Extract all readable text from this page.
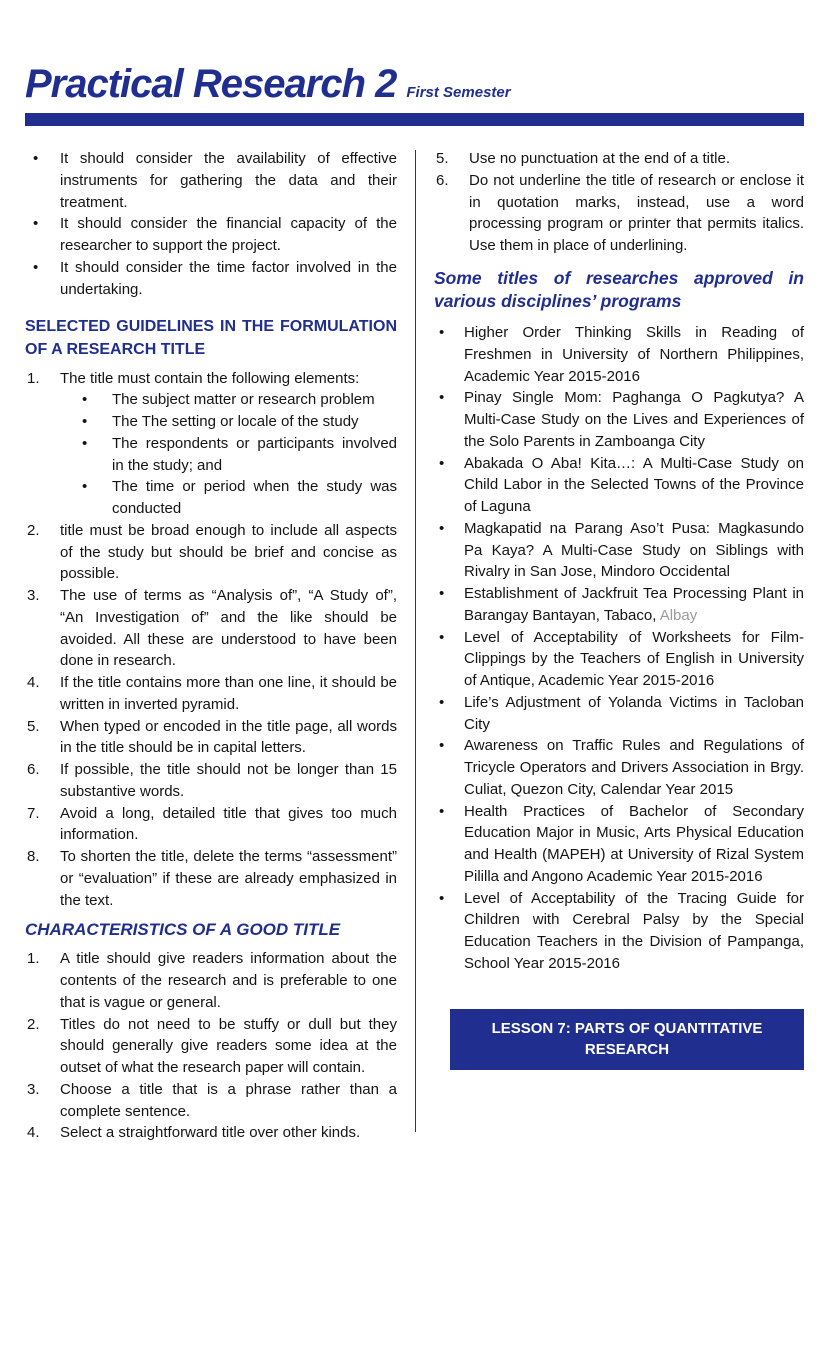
Practical Research 2 First Semester
•	It should consider the availability of effective instruments for gathering the data and their treatment.
•	It should consider the financial capacity of the researcher to support the project.
•	It should consider the time factor involved in the undertaking.
SELECTED GUIDELINES IN THE FORMULATION OF A RESEARCH TITLE
1.	The title must contain the following elements:
•	The subject matter or research problem
•	The The setting or locale of the study
•	The respondents or participants involved in the study; and
•	The time or period when the study was conducted
2.	title must be broad enough to include all aspects of the study but should be brief and concise as possible.
3.	The use of terms as “Analysis of”, “A Study of”, “An Investigation of” and the like should be avoided. All these are understood to have been done in research.
4.	If the title contains more than one line, it should be written in inverted pyramid.
5.	When typed or encoded in the title page, all words in the title should be in capital letters.
6.	If possible, the title should not be longer than 15 substantive words.
7.	Avoid a long, detailed title that gives too much information.
8.	To shorten the title, delete the terms “assessment” or “evaluation” if these are already emphasized in the text.
CHARACTERISTICS OF A GOOD TITLE
1.	A title should give readers information about the contents of the research and is preferable to one that is vague or general.
2.	Titles do not need to be stuffy or dull but they should generally give readers some idea at the outset of what the research paper will contain.
3.	Choose a title that is a phrase rather than a complete sentence.
4.	Select a straightforward title over other kinds.
5.	Use no punctuation at the end of a title.
6.	Do not underline the title of research or enclose it in quotation marks, instead, use a word processing program or printer that permits italics. Use them in place of underlining.
Some titles of researches approved in various disciplines’ programs
•	Higher Order Thinking Skills in Reading of Freshmen in University of Northern Philippines, Academic Year 2015-2016
•	Pinay Single Mom: Paghanga O Pagkutya? A Multi-Case Study on the Lives and Experiences of the Solo Parents in Zamboanga City
•	Abakada O Aba! Kita…: A Multi-Case Study on Child Labor in the Selected Towns of the Province of Laguna
•	Magkapatid na Parang Aso’t Pusa: Magkasundo Pa Kaya? A Multi-Case Study on Siblings with Rivalry in San Jose, Mindoro Occidental
•	Establishment of Jackfruit Tea Processing Plant in Barangay Bantayan, Tabaco, Albay
•	Level of Acceptability of Worksheets for Film-Clippings by the Teachers of English in University of Antique, Academic Year 2015-2016
•	Life’s Adjustment of Yolanda Victims in Tacloban City
•	Awareness on Traffic Rules and Regulations of Tricycle Operators and Drivers Association in Brgy. Culiat, Quezon City, Calendar Year 2015
•	Health Practices of Bachelor of Secondary Education Major in Music, Arts Physical Education and Health (MAPEH) at University of Rizal System Pililla and Angono Academic Year 2015-2016
•	Level of Acceptability of the Tracing Guide for Children with Cerebral Palsy by the Special Education Teachers in the Division of Pampanga, School Year 2015-2016
LESSON 7: PARTS OF QUANTITATIVE RESEARCH
